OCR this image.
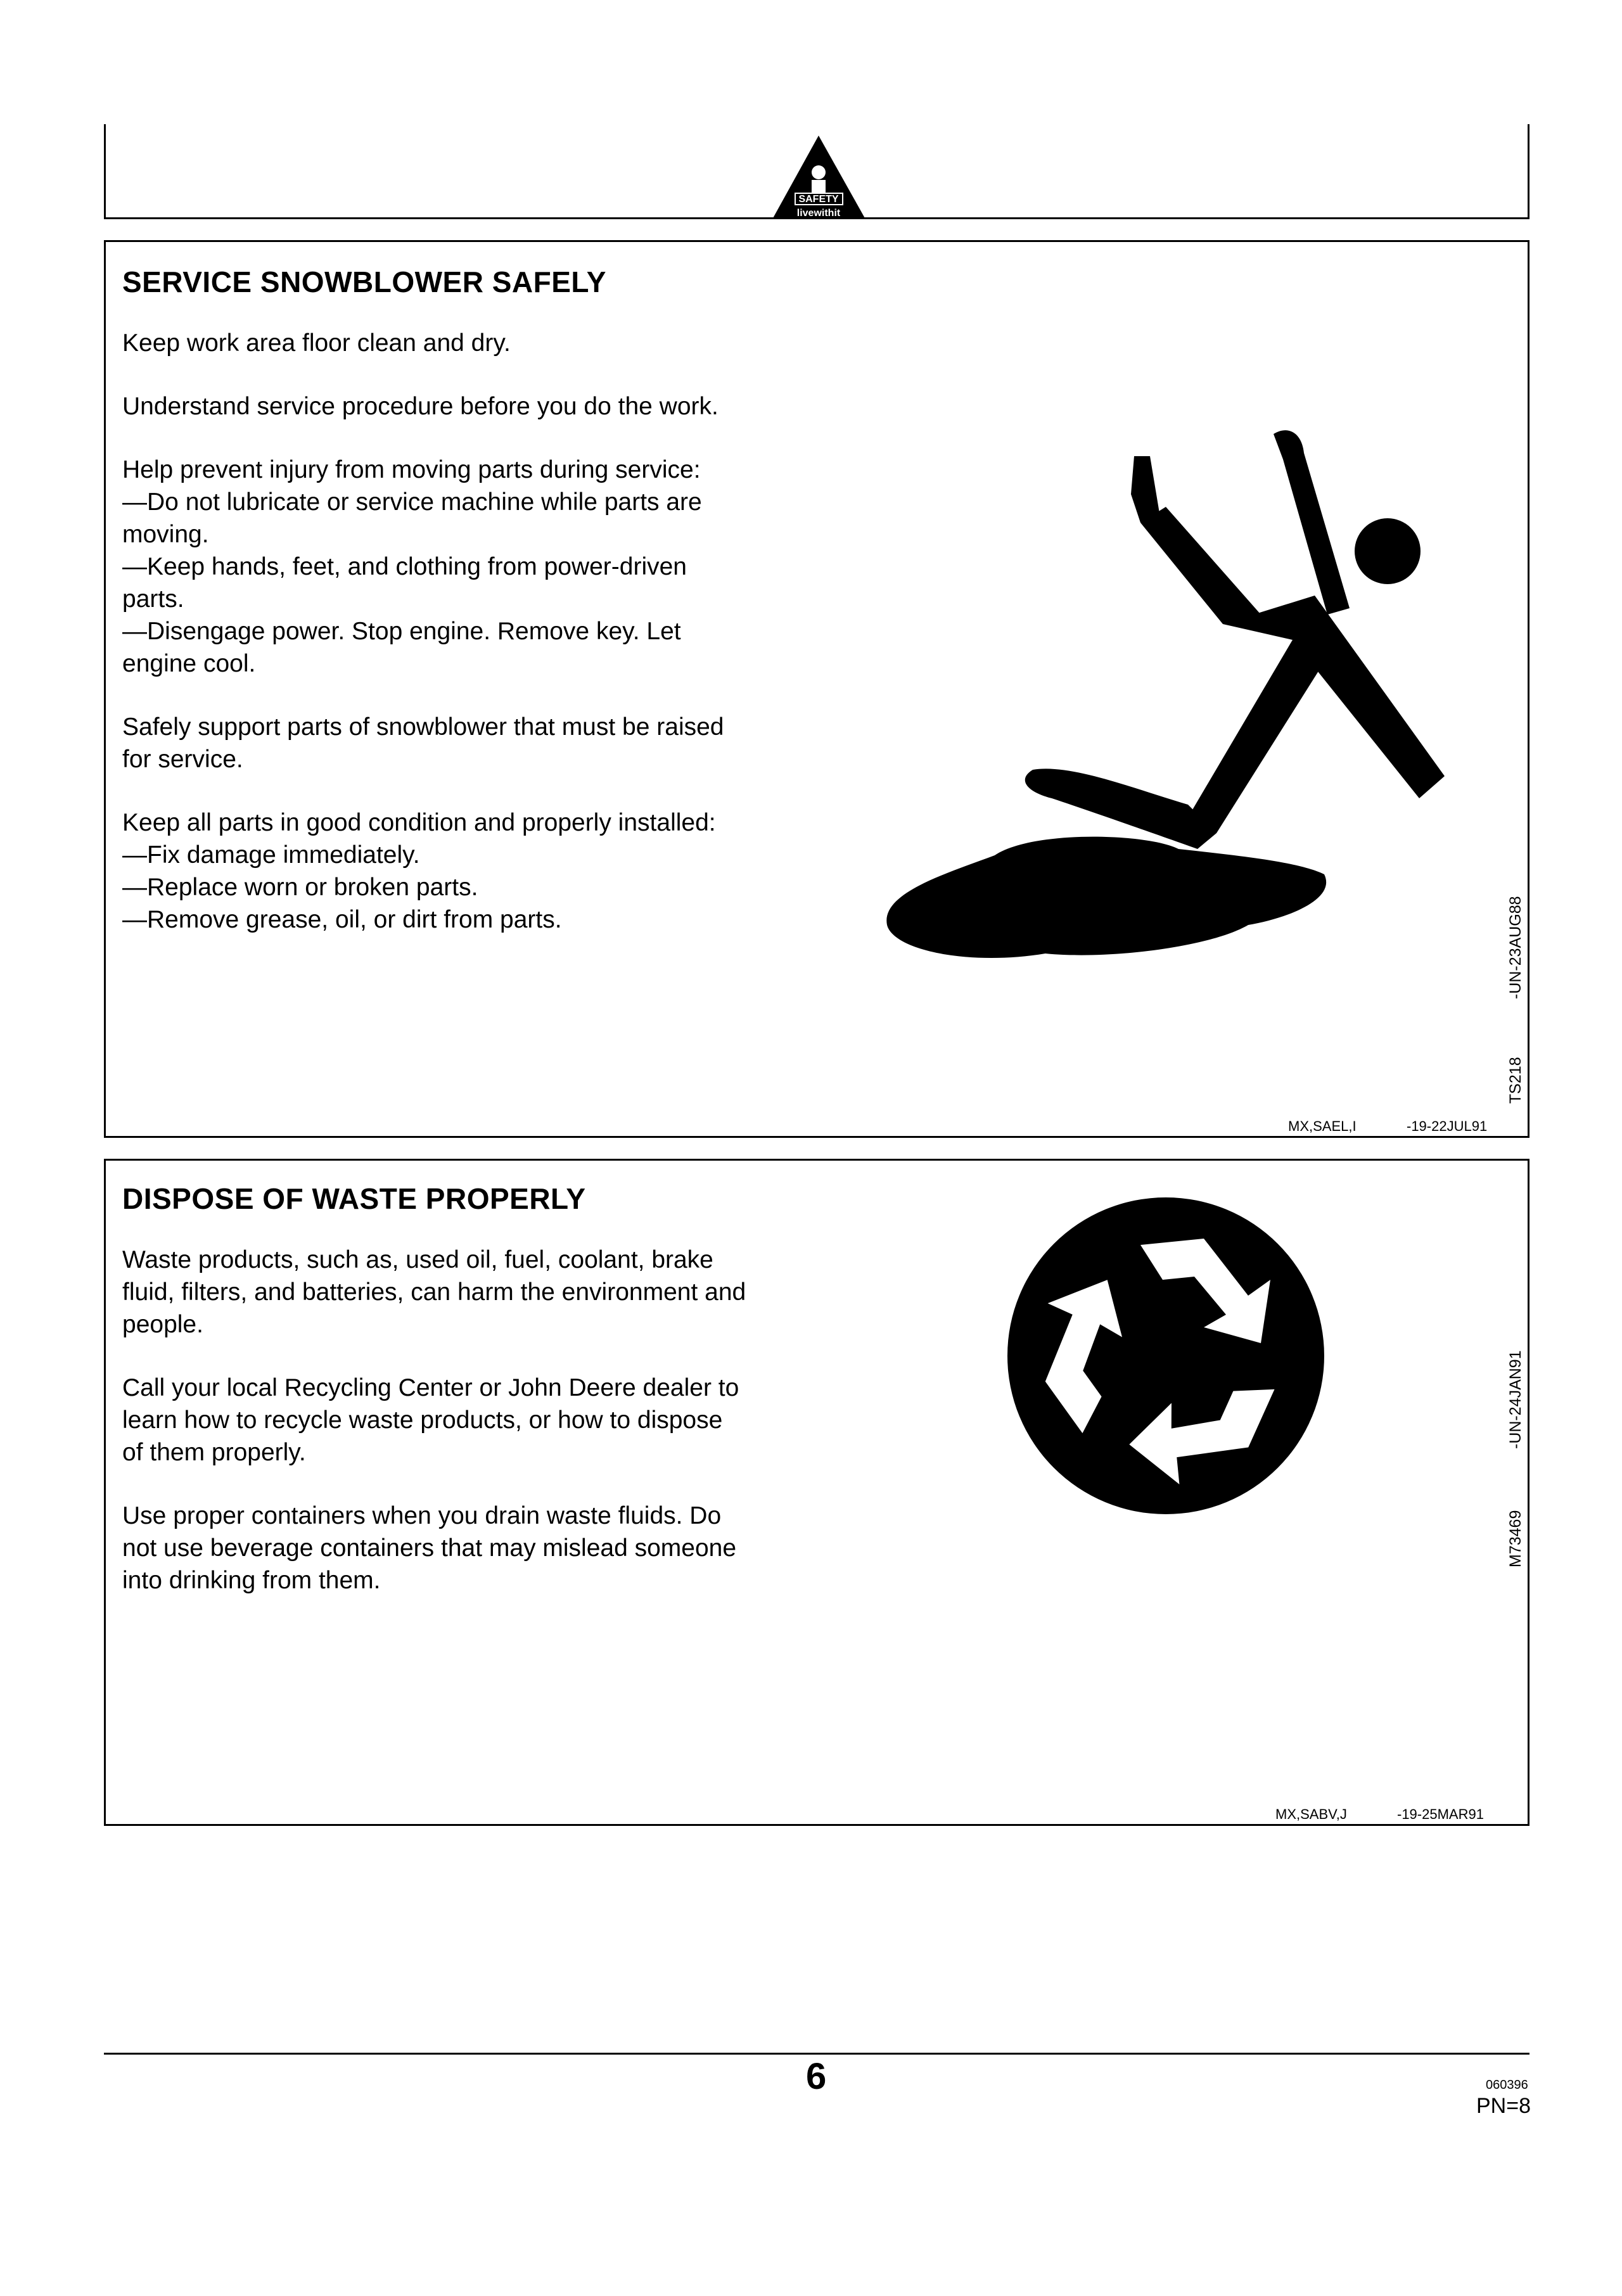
SAFETY
livewithit
SERVICE SNOWBLOWER SAFELY

Keep work area floor clean and dry.

Understand service procedure before you do the work.

Help prevent injury from moving parts during service:
—Do not lubricate or service machine while parts are
moving.
—Keep hands, feet, and clothing from power-driven
parts.
—Disengage power. Stop engine. Remove key. Let
engine cool.

Safely support parts of snowblower that must be raised
for service.

Keep all parts in good condition and properly installed:
—Fix damage immediately.
—Replace worn or broken parts.
—Remove grease, oil, or dirt from parts.

TS218
-UN-23AUG88
MX,SAEL,I	-19-22JUL91
DISPOSE OF WASTE PROPERLY

Waste products, such as, used oil, fuel, coolant, brake
fluid, filters, and batteries, can harm the environment and
people.

Call your local Recycling Center or John Deere dealer to
learn how to recycle waste products, or how to dispose
of them properly.

Use proper containers when you drain waste fluids. Do
not use beverage containers that may mislead someone
into drinking from them.

M73469
-UN-24JAN91
MX,SABV,J	-19-25MAR91
6	060396
PN=8
